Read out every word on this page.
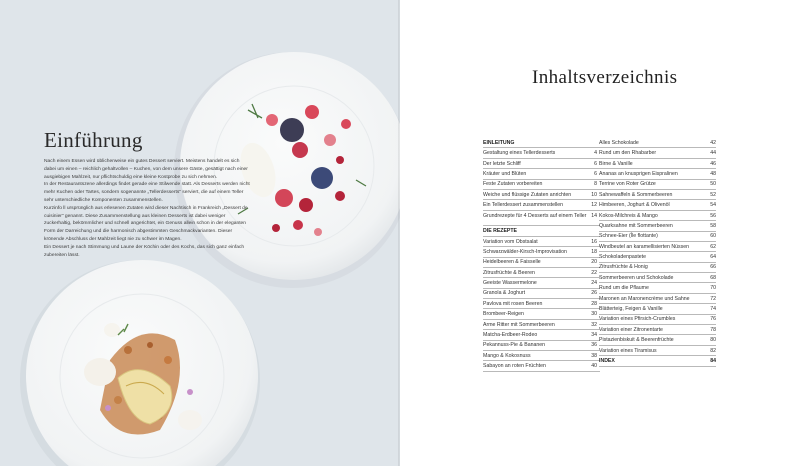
Einführung

Nach einem Essen wird üblicherweise ein gutes Dessert serviert. Meistens handelt es sich dabei um einen – reichlich gehaltvollen – Kuchen, von dem unsere Gäste, gesättigt nach einer ausgiebigen Mahlzeit, nur pflichtschuldig eine kleine Kostprobe zu sich nehmen.

In der Restaurantszene allerdings findet gerade eine Stilwende statt. Als Desserts werden nicht mehr Kuchen oder Tartes, sondern sogenannte „Tellerdesserts“ serviert, die auf einem Teller sehr unterschiedliche Komponenten zusammenstellen.

Kurzinfo ll ursprünglich aus erlesenen Zutaten wird dieser Nachtisch in Frankreich „Dessert de cuisinier“ genannt. Diese Zusammenstellung aus kleinen Desserts ist dabei weniger zuckerhaltig, bekömmlicher und schnell angerichtet, ein Genuss allein schon in der eleganten Form der Darreichung und die harmonisch abgestimmten Geschmackvarianten. Dieser krönende Abschluss der Mahlzeit liegt nie zu schwer im Magen.

Ein Dessert je nach Stimmung und Laune der Köchin oder des Kochs, das sich ganz einfach zubereiten lässt.

Inhaltsverzeichnis
EINLEITUNG
Gestaltung eines Tellerdesserts	4
Der letzte Schliff	6
Kräuter und Blüten	6
Feste Zutaten vorbereiten	8
Weiche und flüssige Zutaten anrichten	10
Ein Tellerdessert zusammenstellen	12
Grundrezepte für 4 Desserts auf einem Teller 14
DIE REZEPTE
Variation vom Obstsalat	16
Schwarzwälder-Kirsch-Improvisation	18
Heidelbeeren & Faisselle	20
Zitrusfrüchte & Beeren	22
Geeiste Wassermelone	24
Granola & Joghurt	26
Pavlova mit rosen Beeren	28
Brombeer-Reigen	30
Arme Ritter mit Sommerbeeren	32
Matcha-Erdbeer-Rodeo	34
Pekannuss-Pie & Bananen	36
Mango & Kokosnuss	38
Sabayon an roten Früchten	40
Alles Schokolade	42
Rund um den Rhabarber	44
Birne & Vanille	46
Ananas an knusprigen Eispralinen	48
Terrine von Roter Grütze	50
Sahnewaffeln & Sommerbeeren	52
Himbeeren, Joghurt & Olivenöl	54
Kokos-Milchreis & Mango	56
Quarksahne mit Sommerbeeren	58
Schnee-Eier (Île flottante)	60
Windbeutel an karamellisierten Nüssen	62
Schokoladenpastete	64
Zitrusfrüchte & Honig	66
Sommerbeeren und Schokolade	68
Rund um die Pflaume	70
Maronen an Maronencrème und Sahne	72
Blätterteig, Feigen & Vanille	74
Variation eines Pfirsich-Crumbles	76
Variation einer Zitronentarte	78
Pistazienbiskuit & Beerenfrüchte	80
Variation eines Tiramisus	82
INDEX	84
